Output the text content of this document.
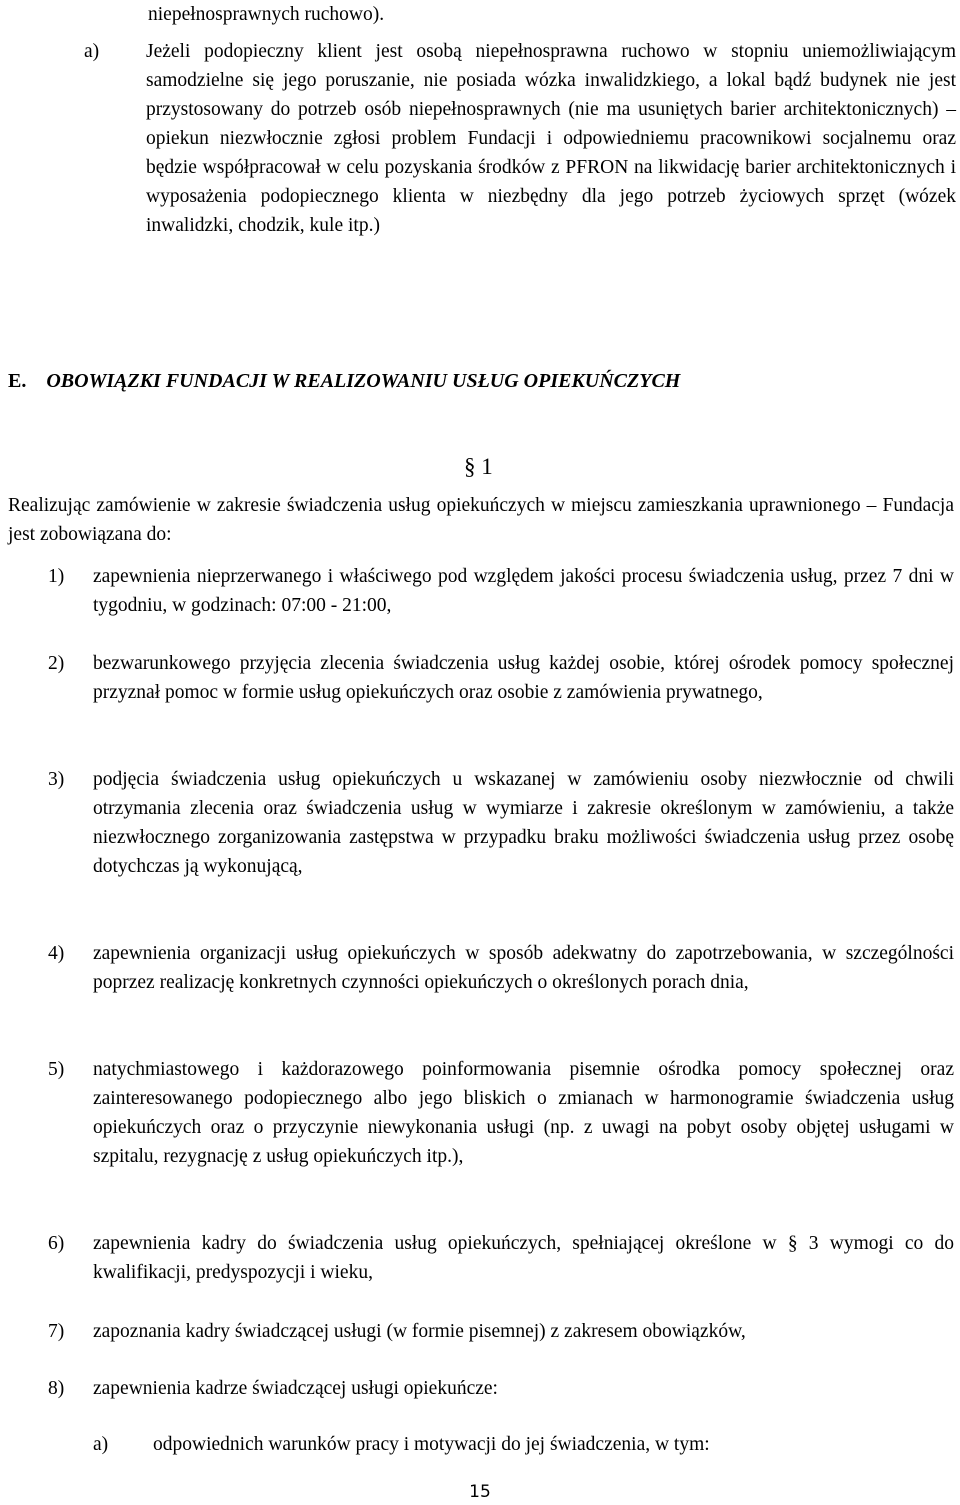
niepełnosprawnych ruchowo).
a)	Jeżeli podopieczny klient jest osobą niepełnosprawna ruchowo w stopniu uniemożliwiającym samodzielne się jego poruszanie, nie posiada wózka inwalidzkiego, a lokal bądź budynek nie jest przystosowany do potrzeb osób niepełnosprawnych (nie ma usuniętych barier architektonicznych) – opiekun niezwłocznie zgłosi problem Fundacji i odpowiedniemu pracownikowi socjalnemu oraz będzie współpracował w celu pozyskania środków z PFRON na likwidację barier architektonicznych i wyposażenia podopiecznego klienta w niezbędny dla jego potrzeb życiowych sprzęt (wózek inwalidzki, chodzik, kule itp.)
E. OBOWIĄZKI FUNDACJI W REALIZOWANIU USŁUG OPIEKUŃCZYCH
§ 1
Realizując zamówienie w zakresie świadczenia usług opiekuńczych w miejscu zamieszkania uprawnionego – Fundacja jest zobowiązana do:
1)	zapewnienia nieprzerwanego i właściwego pod względem jakości procesu świadczenia usług, przez 7 dni w tygodniu, w godzinach: 07:00 - 21:00,
2)	bezwarunkowego przyjęcia zlecenia świadczenia usług każdej osobie, której ośrodek pomocy społecznej przyznał pomoc w formie usług opiekuńczych oraz osobie z zamówienia prywatnego,
3)	podjęcia świadczenia usług opiekuńczych u wskazanej w zamówieniu osoby niezwłocznie od chwili otrzymania zlecenia oraz świadczenia usług w wymiarze i zakresie określonym w zamówieniu, a także niezwłocznego zorganizowania zastępstwa w przypadku braku możliwości świadczenia usług przez osobę dotychczas ją wykonującą,
4)	zapewnienia organizacji usług opiekuńczych w sposób adekwatny do zapotrzebowania, w szczególności poprzez realizację konkretnych czynności opiekuńczych o określonych porach dnia,
5)	natychmiastowego i każdorazowego poinformowania pisemnie ośrodka pomocy społecznej oraz zainteresowanego podopiecznego albo jego bliskich o zmianach w harmonogramie świadczenia usług opiekuńczych oraz o przyczynie niewykonania usługi (np. z uwagi na pobyt osoby objętej usługami w szpitalu, rezygnację z usług opiekuńczych itp.),
6)	zapewnienia kadry do świadczenia usług opiekuńczych, spełniającej określone w § 3 wymogi co do kwalifikacji, predyspozycji i wieku,
7)	zapoznania kadry świadczącej usługi (w formie pisemnej) z zakresem obowiązków,
8)	zapewnienia kadrze świadczącej usługi opiekuńcze:
a)	odpowiednich warunków pracy i motywacji do jej świadczenia, w tym:
15
